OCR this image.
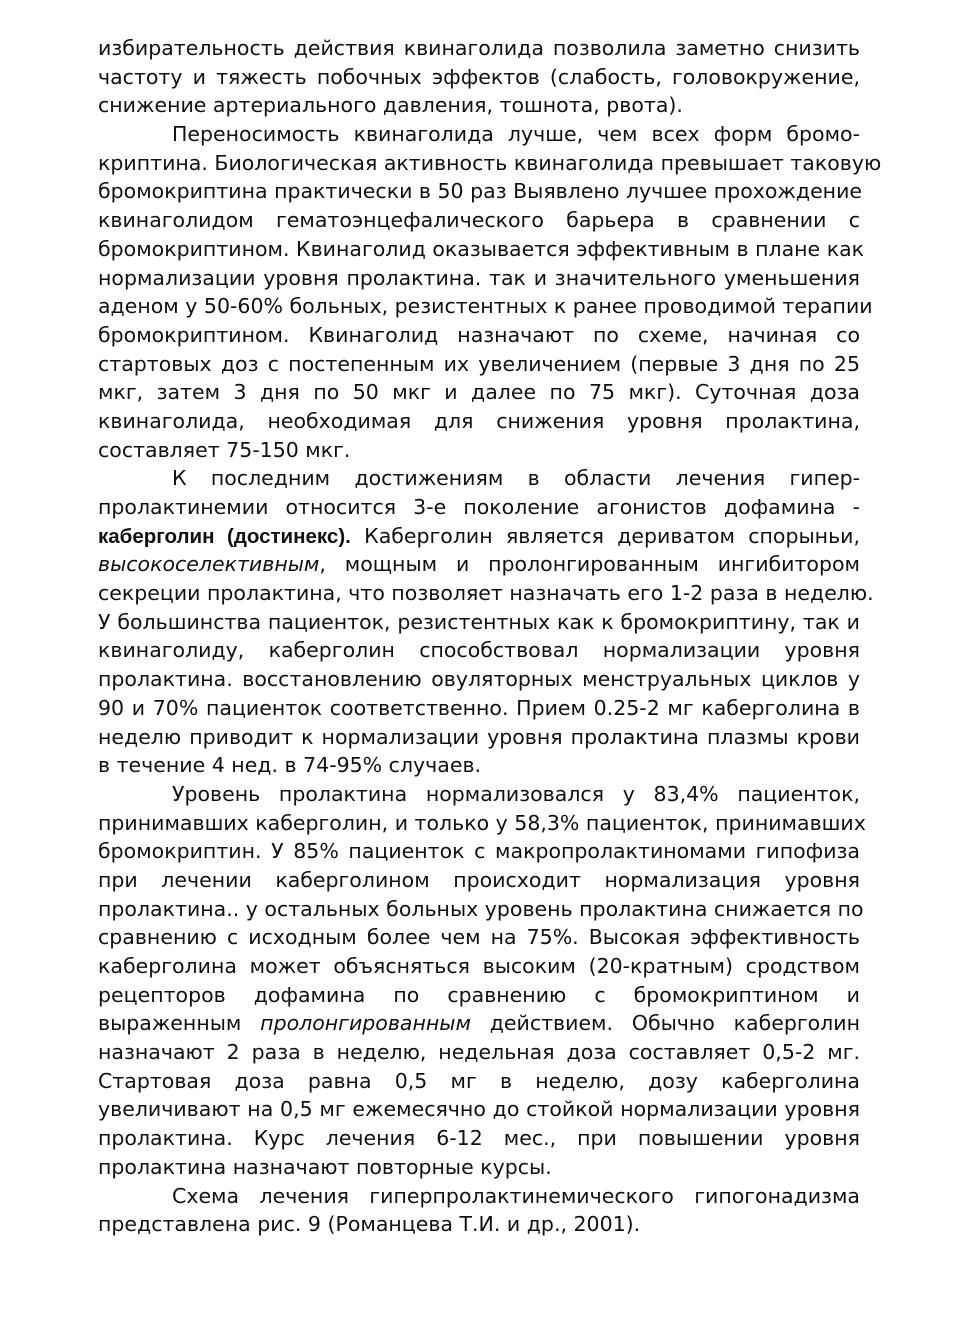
избирательность действия квинаголида позволила заметно снизить
частоту и тяжесть побочных эффектов (слабость, головокружение,
снижение артериального давления, тошнота, рвота).
Переносимость квинаголида лучше, чем всех форм бромо-
криптина. Биологическая активность квинаголида превышает таковую
бромокриптина практически в 50 раз Выявлено лучшее прохождение
квинаголидом гематоэнцефалического барьера в сравнении с
бромокриптином. Квинаголид оказывается эффективным в плане как
нормализации уровня пролактина. так и значительного уменьшения
аденом у 50-60% больных, резистентных к ранее проводимой терапии
бромокриптином. Квинаголид назначают по схеме, начиная со
стартовых доз с постепенным их увеличением (первые 3 дня по 25
мкг, затем 3 дня по 50 мкг и далее по 75 мкг). Суточная доза
квинаголида, необходимая для снижения уровня пролактина,
составляет 75-150 мкг.
К последним достижениям в области лечения гипер-
пролактинемии относится 3-е поколение агонистов дофамина -
каберголин (достинекс). Каберголин является дериватом спорыньи,
высокоселективным, мощным и пролонгированным ингибитором
секреции пролактина, что позволяет назначать его 1-2 раза в неделю.
У большинства пациенток, резистентных как к бромокриптину, так и
квинаголиду, каберголин способствовал нормализации уровня
пролактина. восстановлению овуляторных менструальных циклов у
90 и 70% пациенток соответственно. Прием 0.25-2 мг каберголина в
неделю приводит к нормализации уровня пролактина плазмы крови
в течение 4 нед. в 74-95% случаев.
Уровень пролактина нормализовался у 83,4% пациенток,
принимавших каберголин, и только у 58,3% пациенток, принимавших
бромокриптин. У 85% пациенток с макропролактиномами гипофиза
при лечении каберголином происходит нормализация уровня
пролактина.. у остальных больных уровень пролактина снижается по
сравнению с исходным более чем на 75%. Высокая эффективность
каберголина может объясняться высоким (20-кратным) сродством
рецепторов дофамина по сравнению с бромокриптином и
выраженным пролонгированным действием. Обычно каберголин
назначают 2 раза в неделю, недельная доза составляет 0,5-2 мг.
Стартовая доза равна 0,5 мг в неделю, дозу каберголина
увеличивают на 0,5 мг ежемесячно до стойкой нормализации уровня
пролактина. Курс лечения 6-12 мес., при повышении уровня
пролактина назначают повторные курсы.
Схема лечения гиперпролактинемического гипогонадизма
представлена рис. 9 (Романцева Т.И. и др., 2001).
